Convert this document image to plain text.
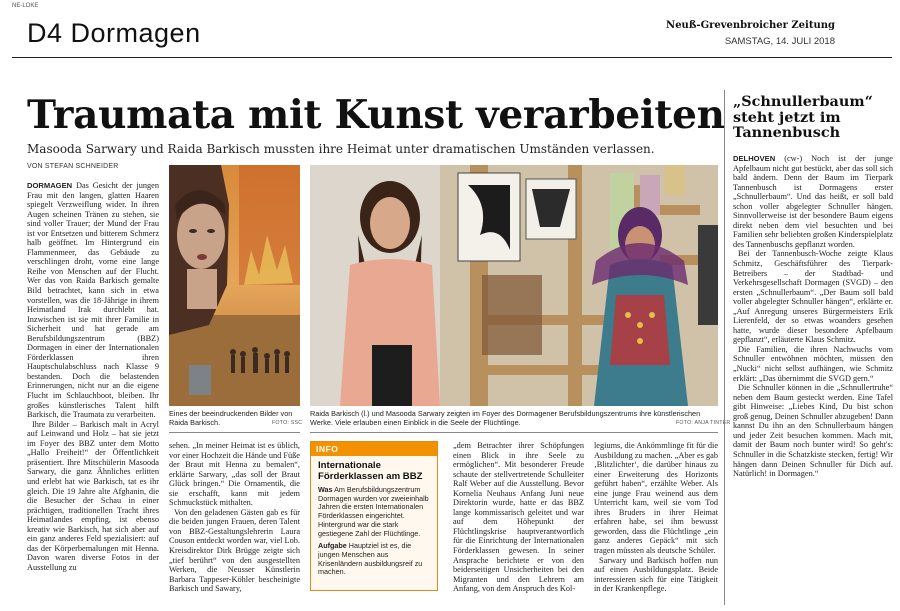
NE-LOKE
D4 Dormagen	Neuß-Grevenbroicher Zeitung
SAMSTAG, 14. JULI 2018
Traumata mit Kunst verarbeiten
Masooda Sarwary und Raida Barkisch mussten ihre Heimat unter dramatischen Umständen verlassen.
VON STEFAN SCHNEIDER

DORMAGEN Das Gesicht der jungen Frau mit den langen, glatten Haaren spiegelt Verzweiflung wider. In ihren Augen scheinen Tränen zu stehen, sie sind voller Trauer; der Mund der Frau ist vor Entsetzen und bitterem Schmerz halb geöffnet. Im Hintergrund ein Flammenmeer, das Gebäude zu verschlingen droht, vorne eine lange Reihe von Menschen auf der Flucht. Wer das von Raida Barkisch gemalte Bild betrachtet, kann sich in etwa vorstellen, was die 18-Jährige in ihrem Heimatland Irak durchlebt hat. Inzwischen ist sie mit ihrer Familie in Sicherheit und hat gerade am Berufsbildungszentrum (BBZ) Dormagen in einer der Internationalen Förderklassen ihren Hauptschulabschluss nach Klasse 9 bestanden. Doch die belastenden Erinnerungen, nicht nur an die eigene Flucht im Schlauchboot, bleiben. Ihr großes künstlerisches Talent hilft Barkisch, die Traumata zu verarbeiten.

Ihre Bilder – Barkisch malt in Acryl auf Leinwand und Holz – hat sie jetzt im Foyer des BBZ unter dem Motto „Hallo Freiheit!“ der Öffentlichkeit präsentiert. Ihre Mitschülerin Masooda Sarwary, die ganz Ähnliches erlitten und erlebt hat wie Barkisch, tat es ihr gleich. Die 19 Jahre alte Afghanin, die die Besucher der Schau in einer prächtigen, traditionellen Tracht ihres Heimatlandes empfing, ist ebenso kreativ wie Barkisch, hat sich aber auf ein ganz anderes Feld spezialisiert: auf das der Körperbemalungen mit Henna. Davon waren diverse Fotos in der Ausstellung zu

Eines der beeindruckenden Bilder von Raida Barkisch.	FOTO: SSC
Raida Barkisch (l.) und Masooda Sarwary zeigten im Foyer des Dormagener Berufsbildungszentrums ihre künstlerischen Werke. Viele erlauben einen Einblick in die Seele der Flüchtlinge.	FOTO: ANJA TINTER

sehen. „In meiner Heimat ist es üblich, vor einer Hochzeit die Hände und Füße der Braut mit Henna zu bemalen“, erklärte Sarwary, „das soll der Braut Glück bringen.“ Die Ornamentik, die sie erschafft, kann mit jedem Schmuckstück mithalten.

Von den geladenen Gästen gab es für die beiden jungen Frauen, deren Talent von BBZ-Gestaltungslehrerin Laura Couson entdeckt worden war, viel Lob. Kreisdirektor Dirk Brügge zeigte sich „tief berührt“ von den ausgestellten Werken, die Neusser Künstlerin Barbara Tappeser-Köhler bescheinigte Barkisch und Sawary,

INFO
Internationale Förderklassen am BBZ
Was Am Berufsbildungszentrum Dormagen wurden vor zweieinhalb Jahren die ersten Internationalen Förderklassen eingerichtet. Hintergrund war die stark gestiegene Zahl der Flüchtlinge.
Aufgabe Hauptziel ist es, die jungen Menschen aus Krisenländern ausbildungsreif zu machen.

„dem Betrachter ihrer Schöpfungen einen Blick in ihre Seele zu ermöglichen“. Mit besonderer Freude schaute der stellvertretende Schulleiter Ralf Weber auf die Ausstellung. Bevor Kornelia Neuhaus Anfang Juni neue Direktorin wurde, hatte er das BBZ lange kommissarisch geleitet und war auf dem Höhepunkt der Flüchtlingskrise hauptverantwortlich für die Einrichtung der Internationalen Förderklassen gewesen. In seiner Ansprache berichtete er von den beiderseitigen Unsicherheiten bei den Migranten und den Lehrern am Anfang, von dem Anspruch des Kol-

legiums, die Ankömmlinge fit für die Ausbildung zu machen. „Aber es gab ‚Blitzlichter‘, die darüber hinaus zu einer Erweiterung des Horizonts geführt haben“, erzählte Weber. Als eine junge Frau weinend aus dem Unterricht kam, weil sie vom Tod ihres Bruders in ihrer Heimat erfahren habe, sei ihm bewusst geworden, dass die Flüchtlinge „ein ganz anderes Gepäck“ mit sich tragen müssten als deutsche Schüler.

Sarwary und Barkisch hoffen nun auf einen Ausbildungsplatz. Beide interessieren sich für eine Tätigkeit in der Krankenpflege.

„Schnullerbaum“ steht jetzt im Tannenbusch

DELHOVEN (cw-) Noch ist der junge Apfelbaum nicht gut bestückt, aber das soll sich bald ändern. Denn der Baum im Tierpark Tannenbusch ist Dormagens erster „Schnullerbaum“. Und das heißt, er soll bald schon voller abgelegter Schnuller hängen. Sinnvollerweise ist der besondere Baum eigens direkt neben dem viel besuchten und bei Familien sehr beliebten großen Kinderspielplatz des Tannenbuschs gepflanzt worden.

Bei der Tannenbusch-Woche zeigte Klaus Schmitz, Geschäftsführer des Tierpark-Betreibers – der Stadtbad- und Verkehrsgesellschaft Dormagen (SVGD) – den ersten „Schnullerbaum“. „Der Baum soll bald voller abgelegter Schnuller hängen“, erklärte er. „Auf Anregung unseres Bürgermeisters Erik Lierenfeld, der so etwas woanders gesehen hatte, wurde dieser besondere Apfelbaum gepflanzt“, erläuterte Klaus Schmitz.

Die Familien, die ihren Nachwuchs vom Schnuller entwöhnen möchten, müssen den „Nucki“ nicht selbst aufhängen, wie Schmitz erklärt: „Das übernimmt die SVGD gern.“

Die Schnuller können in die „Schnullertruhe“ neben dem Baum gesteckt werden. Eine Tafel gibt Hinweise: „Liebes Kind, Du bist schon groß genug, Deinen Schnuller abzugeben! Dann kannst Du ihn an den Schnullerbaum hängen und jeder Zeit besuchen kommen. Mach mit, damit der Baum noch bunter wird! So geht's: Schnuller in die Schatzkiste stecken, fertig! Wir hängen dann Deinen Schnuller für Dich auf. Natürlich! in Dormagen.“
